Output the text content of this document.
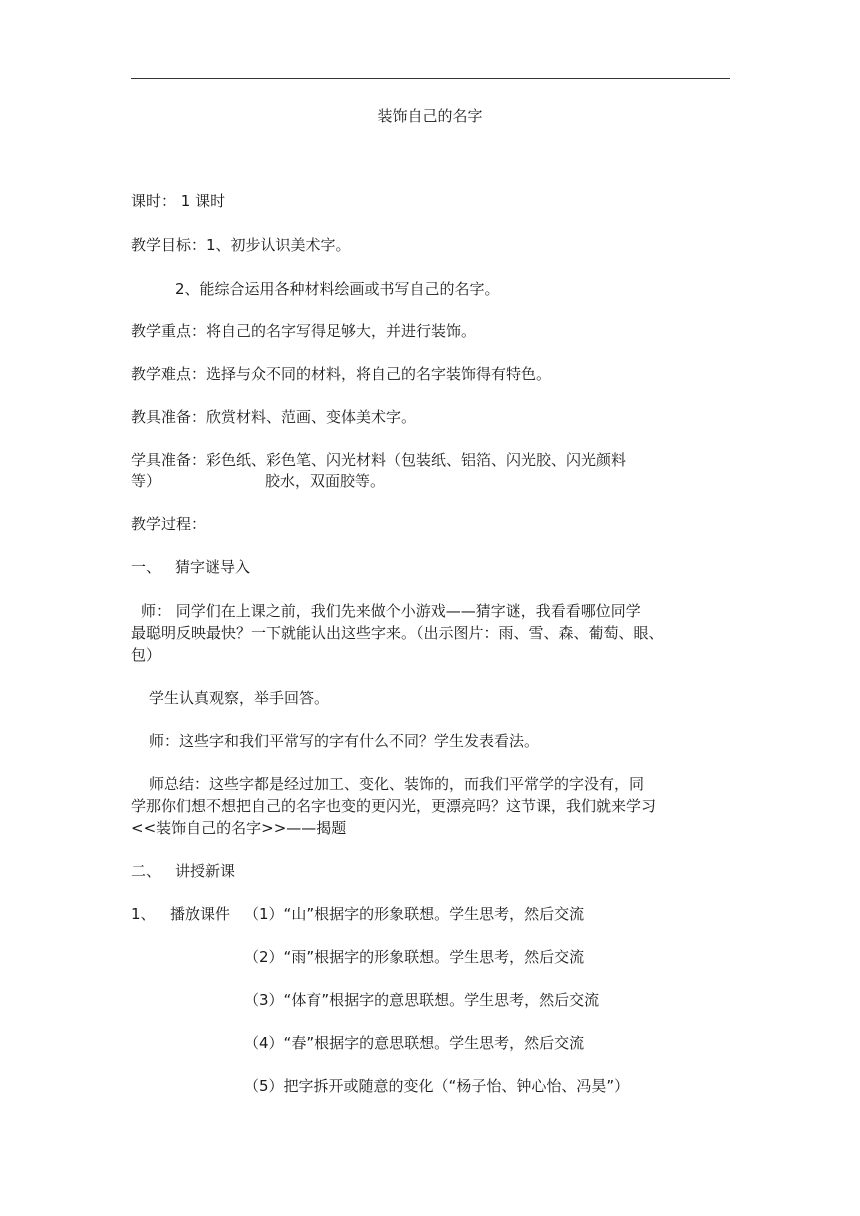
装饰自己的名字
课时： 1 课时
教学目标：1、初步认识美术字。
2、能综合运用各种材料绘画或书写自己的名字。
教学重点：将自己的名字写得足够大，并进行装饰。
教学难点：选择与众不同的材料，将自己的名字装饰得有特色。
教具准备：欣赏材料、范画、变体美术字。
学具准备：彩色纸、彩色笔、闪光材料（包装纸、铝箔、闪光胶、闪光颜料
等）	胶水，双面胶等。
教学过程：
一、 猜字谜导入
师： 同学们在上课之前，我们先来做个小游戏——猜字谜，我看看哪位同学
最聪明反映最快？一下就能认出这些字来。（出示图片：雨、雪、森、葡萄、眼、
包）
学生认真观察，举手回答。
师：这些字和我们平常写的字有什么不同？学生发表看法。
师总结：这些字都是经过加工、变化、装饰的，而我们平常学的字没有，同
学那你们想不想把自己的名字也变的更闪光，更漂亮吗？这节课，我们就来学习
<<装饰自己的名字>>——揭题
二、 讲授新课
1、 播放课件 （1）“山”根据字的形象联想。学生思考，然后交流
（2）“雨”根据字的形象联想。学生思考，然后交流
（3）“体育”根据字的意思联想。学生思考，然后交流
（4）“春”根据字的意思联想。学生思考，然后交流
（5）把字拆开或随意的变化（“杨子怡、钟心怡、冯昊”）
